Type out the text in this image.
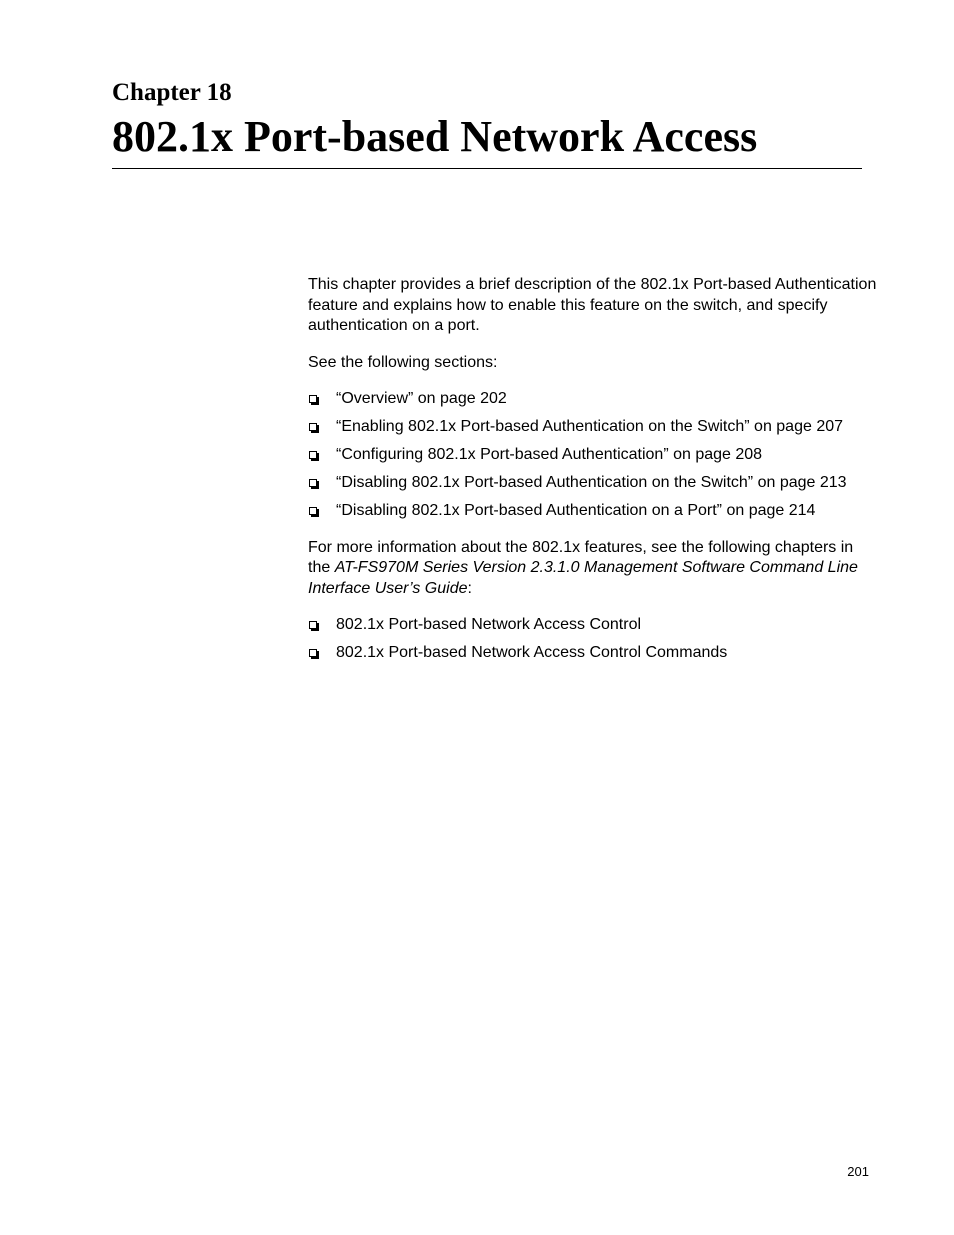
Chapter 18
802.1x Port-based Network Access

This chapter provides a brief description of the 802.1x Port-based Authentication feature and explains how to enable this feature on the switch, and specify authentication on a port.

See the following sections:

“Overview” on page 202
“Enabling 802.1x Port-based Authentication on the Switch” on page 207
“Configuring 802.1x Port-based Authentication” on page 208
“Disabling 802.1x Port-based Authentication on the Switch” on page 213
“Disabling 802.1x Port-based Authentication on a Port” on page 214

For more information about the 802.1x features, see the following chapters in the AT-FS970M Series Version 2.3.1.0 Management Software Command Line Interface User’s Guide:

802.1x Port-based Network Access Control
802.1x Port-based Network Access Control Commands
201
